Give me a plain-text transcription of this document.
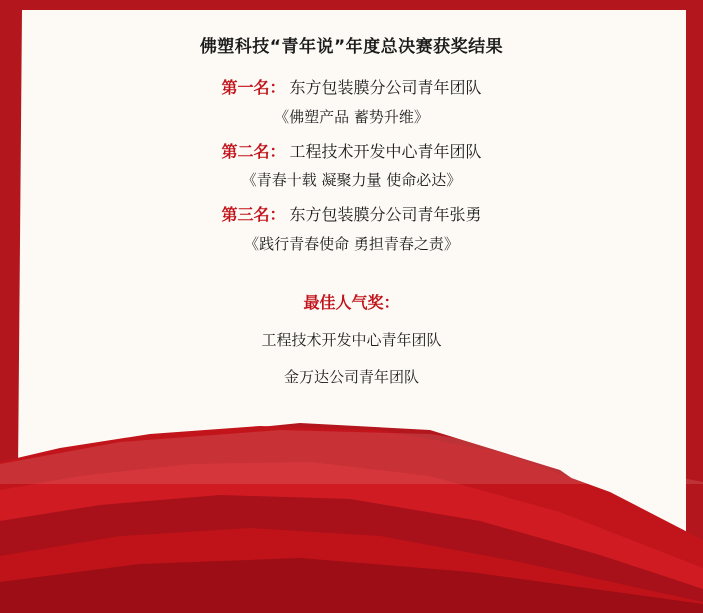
佛塑科技“青年说”年度总决赛获奖结果
第一名： 东方包装膜分公司青年团队
《佛塑产品 蓄势升维》
第二名： 工程技术开发中心青年团队
《青春十载 凝聚力量 使命必达》
第三名： 东方包装膜分公司青年张勇
《践行青春使命 勇担青春之责》
最佳人气奖：
工程技术开发中心青年团队
金万达公司青年团队
